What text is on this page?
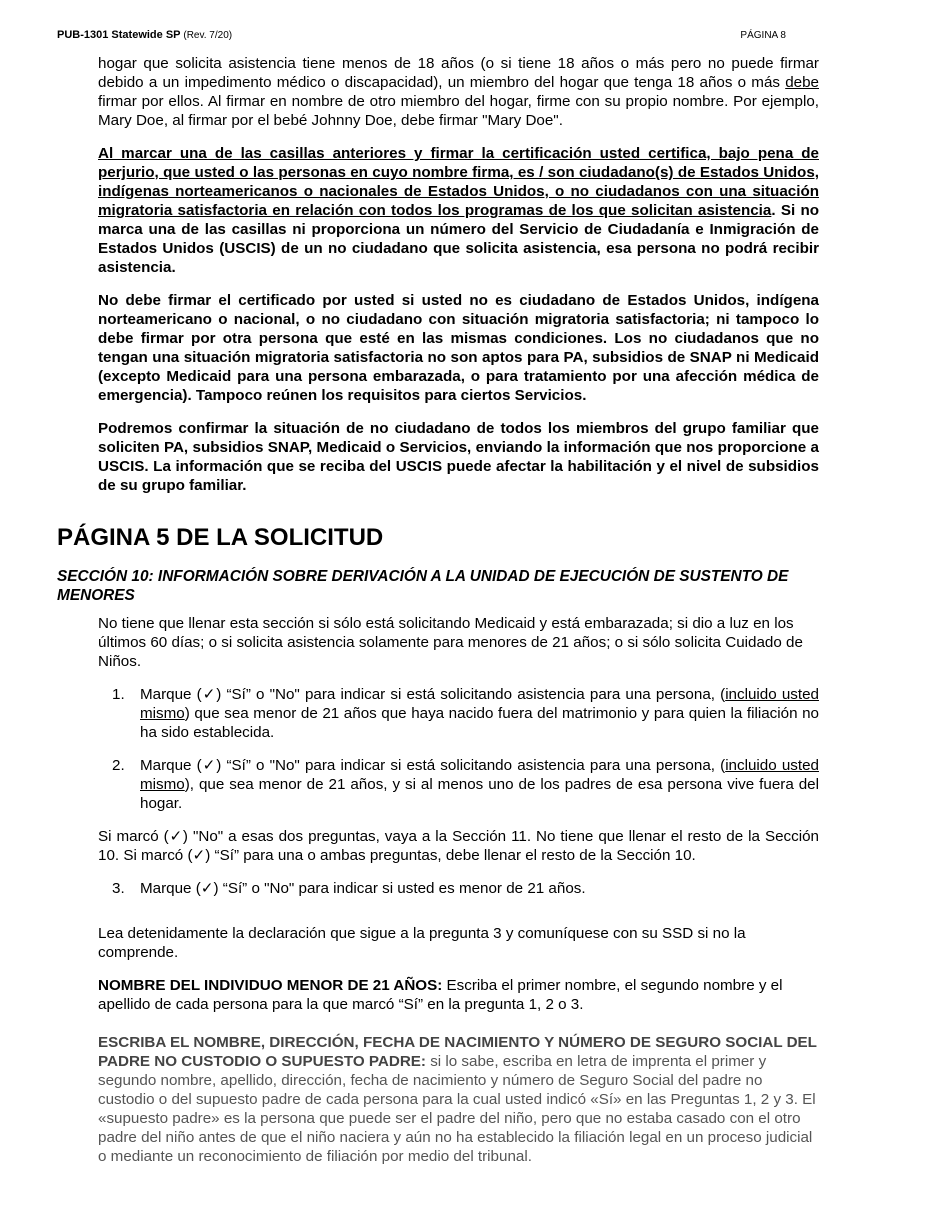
PUB-1301 Statewide SP (Rev. 7/20)	PÁGINA 8

hogar que solicita asistencia tiene menos de 18 años (o si tiene 18 años o más pero no puede firmar debido a un impedimento médico o discapacidad), un miembro del hogar que tenga 18 años o más debe firmar por ellos. Al firmar en nombre de otro miembro del hogar, firme con su propio nombre. Por ejemplo, Mary Doe, al firmar por el bebé Johnny Doe, debe firmar "Mary Doe".

Al marcar una de las casillas anteriores y firmar la certificación usted certifica, bajo pena de perjurio, que usted o las personas en cuyo nombre firma, es / son ciudadano(s) de Estados Unidos, indígenas norteamericanos o nacionales de Estados Unidos, o no ciudadanos con una situación migratoria satisfactoria en relación con todos los programas de los que solicitan asistencia. Si no marca una de las casillas ni proporciona un número del Servicio de Ciudadanía e Inmigración de Estados Unidos (USCIS) de un no ciudadano que solicita asistencia, esa persona no podrá recibir asistencia.

No debe firmar el certificado por usted si usted no es ciudadano de Estados Unidos, indígena norteamericano o nacional, o no ciudadano con situación migratoria satisfactoria; ni tampoco lo debe firmar por otra persona que esté en las mismas condiciones. Los no ciudadanos que no tengan una situación migratoria satisfactoria no son aptos para PA, subsidios de SNAP ni Medicaid (excepto Medicaid para una persona embarazada, o para tratamiento por una afección médica de emergencia). Tampoco reúnen los requisitos para ciertos Servicios.

Podremos confirmar la situación de no ciudadano de todos los miembros del grupo familiar que soliciten PA, subsidios SNAP, Medicaid o Servicios, enviando la información que nos proporcione a USCIS. La información que se reciba del USCIS puede afectar la habilitación y el nivel de subsidios de su grupo familiar.

PÁGINA 5 DE LA SOLICITUD
SECCIÓN 10: INFORMACIÓN SOBRE DERIVACIÓN A LA UNIDAD DE EJECUCIÓN DE SUSTENTO DE MENORES

No tiene que llenar esta sección si sólo está solicitando Medicaid y está embarazada; si dio a luz en los últimos 60 días; o si solicita asistencia solamente para menores de 21 años; o si sólo solicita Cuidado de Niños.

1. Marque (✓) “Sí” o "No" para indicar si está solicitando asistencia para una persona, (incluido usted mismo) que sea menor de 21 años que haya nacido fuera del matrimonio y para quien la filiación no ha sido establecida.

2. Marque (✓) “Sí” o "No" para indicar si está solicitando asistencia para una persona, (incluido usted mismo), que sea menor de 21 años, y si al menos uno de los padres de esa persona vive fuera del hogar.

Si marcó (✓) "No" a esas dos preguntas, vaya a la Sección 11. No tiene que llenar el resto de la Sección 10. Si marcó (✓) “Sí” para una o ambas preguntas, debe llenar el resto de la Sección 10.

3. Marque (✓) “Sí” o "No" para indicar si usted es menor de 21 años.

Lea detenidamente la declaración que sigue a la pregunta 3 y comuníquese con su SSD si no la comprende.

NOMBRE DEL INDIVIDUO MENOR DE 21 AÑOS: Escriba el primer nombre, el segundo nombre y el apellido de cada persona para la que marcó “Sí” en la pregunta 1, 2 o 3.

ESCRIBA EL NOMBRE, DIRECCIÓN, FECHA DE NACIMIENTO Y NÚMERO DE SEGURO SOCIAL DEL PADRE NO CUSTODIO O SUPUESTO PADRE: si lo sabe, escriba en letra de imprenta el primer y segundo nombre, apellido, dirección, fecha de nacimiento y número de Seguro Social del padre no custodio o del supuesto padre de cada persona para la cual usted indicó «Sí» en las Preguntas 1, 2 y 3. El «supuesto padre» es la persona que puede ser el padre del niño, pero que no estaba casado con el otro padre del niño antes de que el niño naciera y aún no ha establecido la filiación legal en un proceso judicial o mediante un reconocimiento de filiación por medio del tribunal.
